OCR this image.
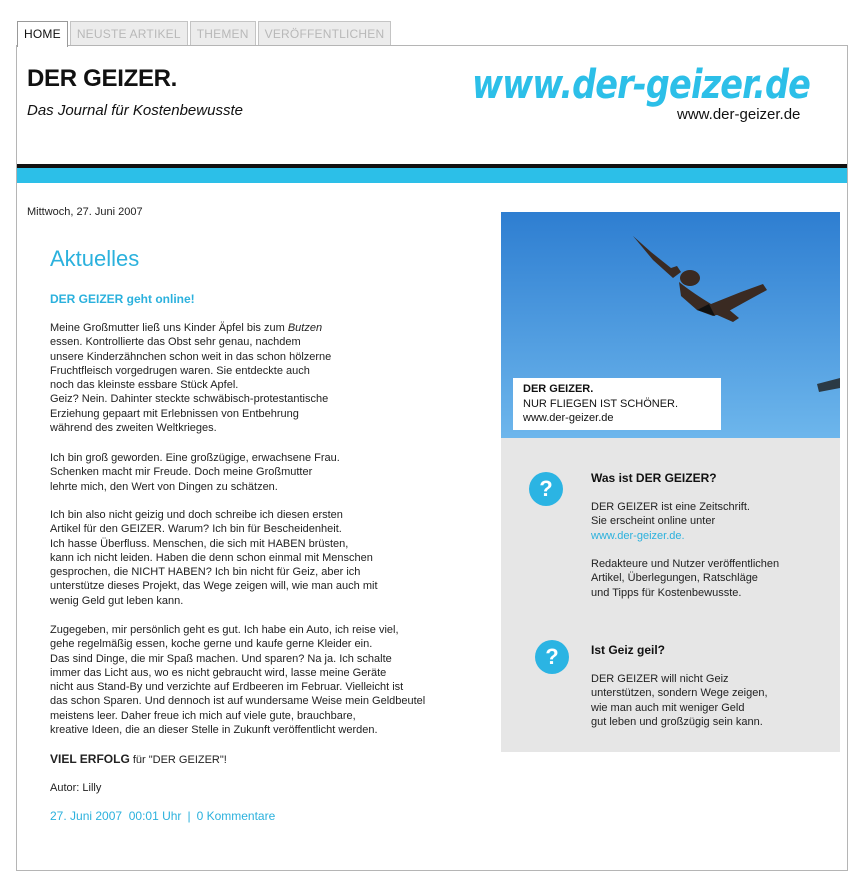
HOME	NEUSTE ARTIKEL	THEMEN	VERÖFFENTLICHEN
DER GEIZER.
Das Journal für Kostenbewusste
www.der-geizer.de
www.der-geizer.de
Mittwoch, 27. Juni 2007
Aktuelles
DER GEIZER geht online!

Meine Großmutter ließ uns Kinder Äpfel bis zum Butzen
essen. Kontrollierte das Obst sehr genau, nachdem
unsere Kinderzähnchen schon weit in das schon hölzerne
Fruchtfleisch vorgedrugen waren. Sie entdeckte auch
noch das kleinste essbare Stück Apfel.
Geiz? Nein. Dahinter steckte schwäbisch-protestantische
Erziehung gepaart mit Erlebnissen von Entbehrung
während des zweiten Weltkrieges.

Ich bin groß geworden. Eine großzügige, erwachsene Frau.
Schenken macht mir Freude. Doch meine Großmutter
lehrte mich, den Wert von Dingen zu schätzen.

Ich bin also nicht geizig und doch schreibe ich diesen ersten
Artikel für den GEIZER. Warum? Ich bin für Bescheidenheit.
Ich hasse Überfluss. Menschen, die sich mit HABEN brüsten,
kann ich nicht leiden. Haben die denn schon einmal mit Menschen
gesprochen, die NICHT HABEN? Ich bin nicht für Geiz, aber ich
unterstütze dieses Projekt, das Wege zeigen will, wie man auch mit
wenig Geld gut leben kann.

Zugegeben, mir persönlich geht es gut. Ich habe ein Auto, ich reise viel,
gehe regelmäßig essen, koche gerne und kaufe gerne Kleider ein.
Das sind Dinge, die mir Spaß machen. Und sparen? Na ja. Ich schalte
immer das Licht aus, wo es nicht gebraucht wird, lasse meine Geräte
nicht aus Stand-By und verzichte auf Erdbeeren im Februar. Vielleicht ist
das schon Sparen. Und dennoch ist auf wundersame Weise mein Geldbeutel
meistens leer. Daher freue ich mich auf viele gute, brauchbare,
kreative Ideen, die an dieser Stelle in Zukunft veröffentlicht werden.

VIEL ERFOLG für "DER GEIZER"!
Autor: Lilly
27. Juni 2007  00:01 Uhr | 0 Kommentare
DER GEIZER.
NUR FLIEGEN IST SCHÖNER.
www.der-geizer.de
?	Was ist DER GEIZER?

DER GEIZER ist eine Zeitschrift.
Sie erscheint online unter
www.der-geizer.de.

Redakteure und Nutzer veröffentlichen
Artikel, Überlegungen, Ratschläge
und Tipps für Kostenbewusste.

?	Ist Geiz geil?

DER GEIZER will nicht Geiz
unterstützen, sondern Wege zeigen,
wie man auch mit weniger Geld
gut leben und großzügig sein kann.
